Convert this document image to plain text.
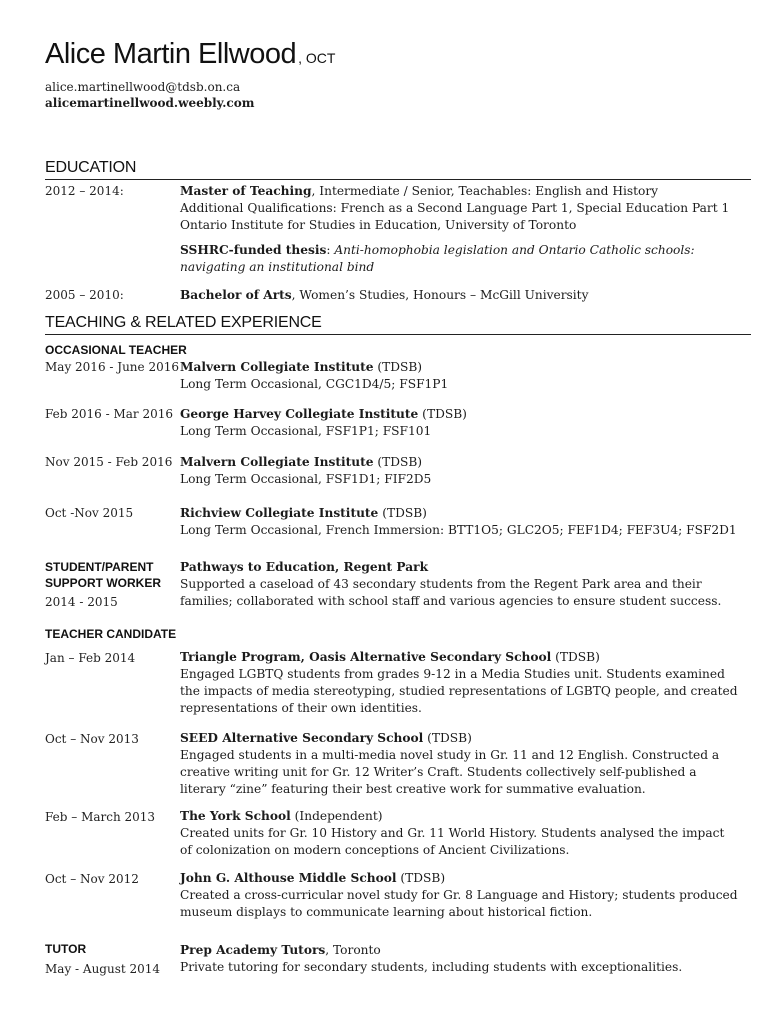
Alice Martin Ellwood , OCT
alice.martinellwood@tdsb.on.ca
alicemartinellwood.weebly.com
EDUCATION
2012 – 2014:	Master of Teaching, Intermediate / Senior, Teachables: English and History
Additional Qualifications: French as a Second Language Part 1, Special Education Part 1
Ontario Institute for Studies in Education, University of Toronto
SSHRC-funded thesis: Anti-homophobia legislation and Ontario Catholic schools:
navigating an institutional bind
2005 – 2010:	Bachelor of Arts, Women’s Studies, Honours – McGill University
TEACHING & RELATED EXPERIENCE
OCCASIONAL TEACHER
May 2016 - June 2016 Malvern Collegiate Institute (TDSB)
Long Term Occasional, CGC1D4/5; FSF1P1
Feb 2016 - Mar 2016 George Harvey Collegiate Institute (TDSB)
Long Term Occasional, FSF1P1; FSF101
Nov 2015 - Feb 2016 Malvern Collegiate Institute (TDSB)
Long Term Occasional, FSF1D1; FIF2D5
Oct -Nov 2015	Richview Collegiate Institute (TDSB)
Long Term Occasional, French Immersion: BTT1O5; GLC2O5; FEF1D4; FEF3U4; FSF2D1
STUDENT/PARENT
SUPPORT WORKER
2014 - 2015
Pathways to Education, Regent Park
Supported a caseload of 43 secondary students from the Regent Park area and their
families; collaborated with school staff and various agencies to ensure student success.
TEACHER CANDIDATE
Jan – Feb 2014	Triangle Program, Oasis Alternative Secondary School (TDSB)
Engaged LGBTQ students from grades 9-12 in a Media Studies unit. Students examined
the impacts of media stereotyping, studied representations of LGBTQ people, and created
representations of their own identities.
Oct – Nov 2013	SEED Alternative Secondary School (TDSB)
Engaged students in a multi-media novel study in Gr. 11 and 12 English. Constructed a
creative writing unit for Gr. 12 Writer’s Craft. Students collectively self-published a
literary “zine” featuring their best creative work for summative evaluation.
Feb – March 2013 The York School (Independent)
Created units for Gr. 10 History and Gr. 11 World History. Students analysed the impact
of colonization on modern conceptions of Ancient Civilizations.
Oct – Nov 2012	John G. Althouse Middle School (TDSB)
Created a cross-curricular novel study for Gr. 8 Language and History; students produced
museum displays to communicate learning about historical fiction.
TUTOR
May - August 2014
Prep Academy Tutors, Toronto
Private tutoring for secondary students, including students with exceptionalities.
